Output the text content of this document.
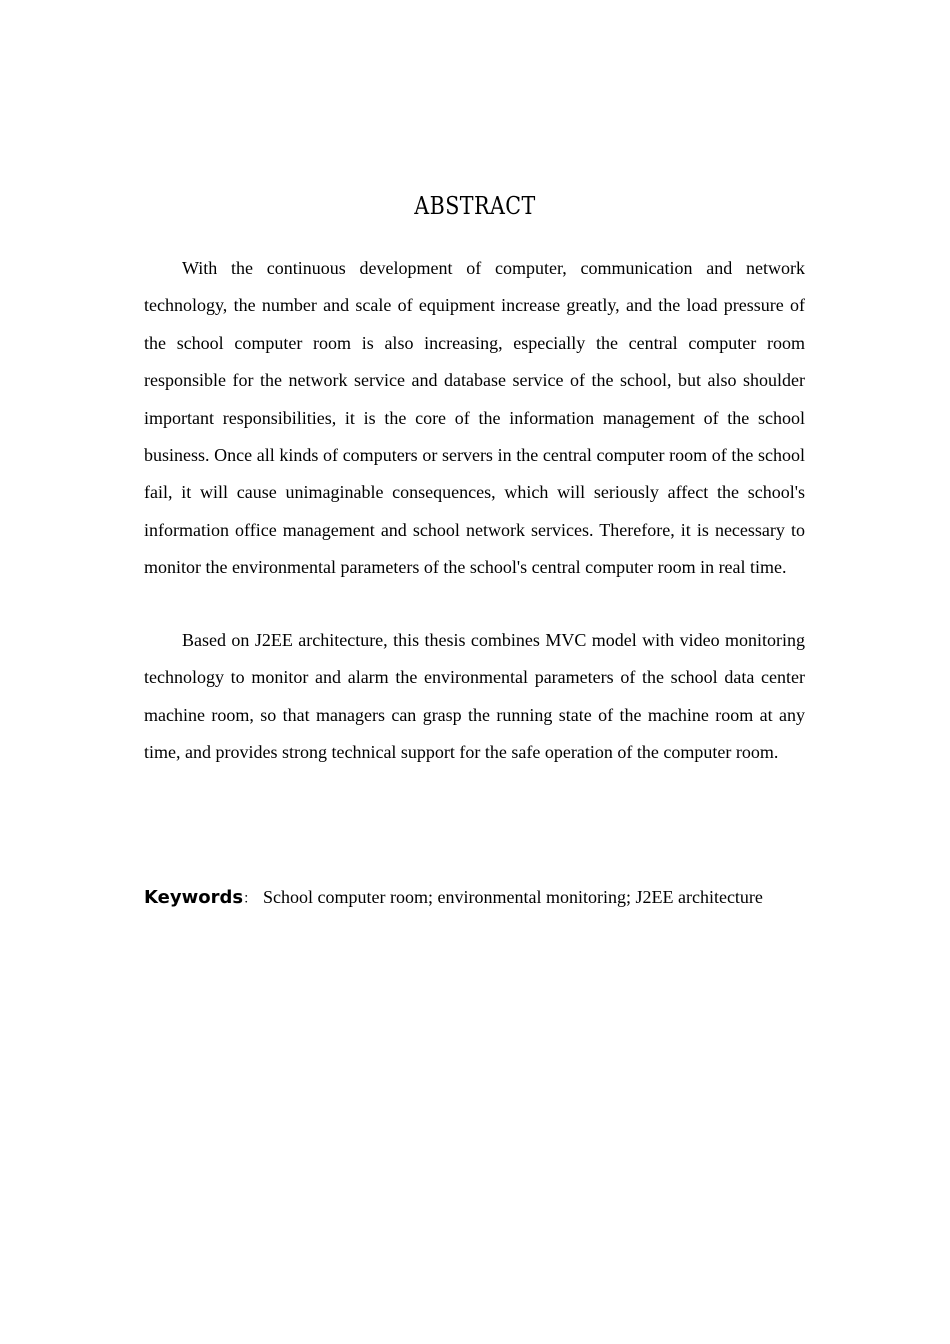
ABSTRACT

With the continuous development of computer, communication and network technology, the number and scale of equipment increase greatly, and the load pressure of the school computer room is also increasing, especially the central computer room responsible for the network service and database service of the school, but also shoulder important responsibilities, it is the core of the information management of the school business. Once all kinds of computers or servers in the central computer room of the school fail, it will cause unimaginable consequences, which will seriously affect the school's information office management and school network services. Therefore, it is necessary to monitor the environmental parameters of the school's central computer room in real time.

Based on J2EE architecture, this thesis combines MVC model with video monitoring technology to monitor and alarm the environmental parameters of the school data center machine room, so that managers can grasp the running state of the machine room at any time, and provides strong technical support for the safe operation of the computer room.

Keywords： School computer room; environmental monitoring; J2EE architecture
